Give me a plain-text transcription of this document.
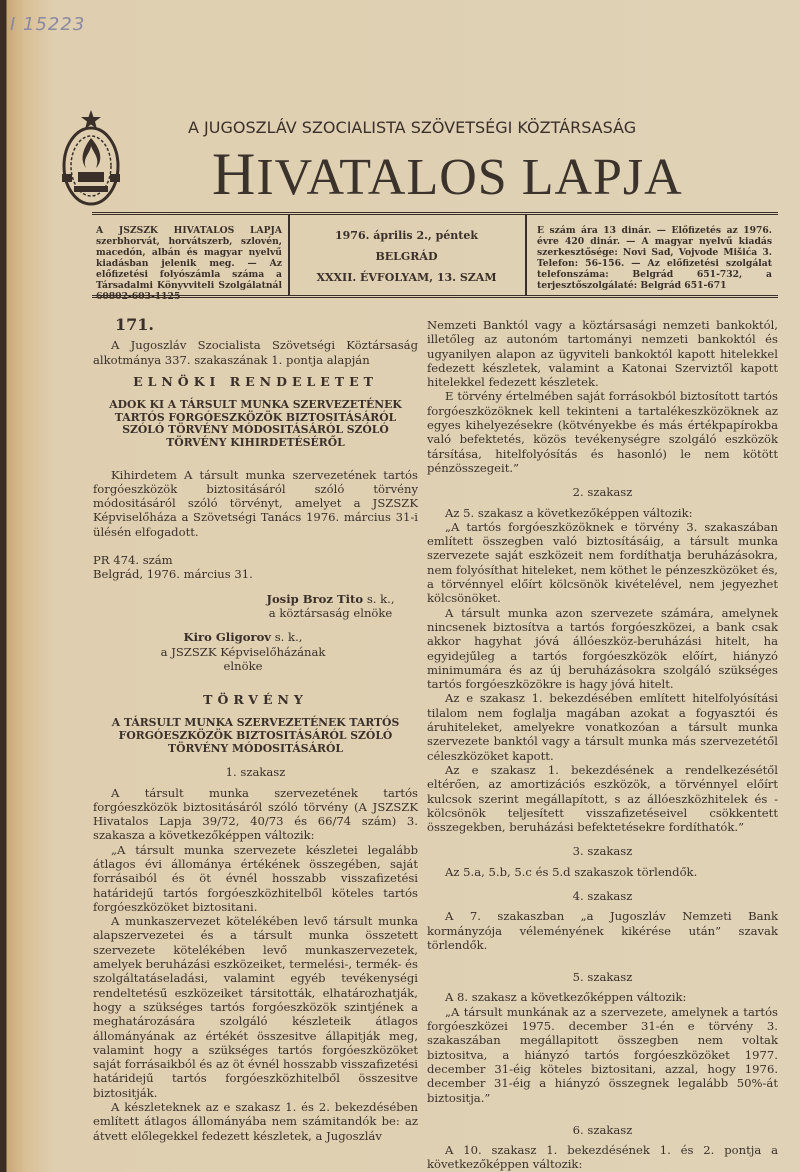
I 15223
A JUGOSZLÁV SZOCIALISTA SZÖVETSÉGI KÖZTÁRSASÁG
HIVATALOS LAPJA
A JSZSZK HIVATALOS LAPJA szerbhorvát, horvátszerb, szlovén, macedón, albán és magyar nyelvű kiadásban jelenik meg. — Az előfizetési folyószámla száma a Társadalmi Könyvviteli Szolgálatnál 60802-603-1125
1976. április 2., péntek
BELGRÁD
XXXII. ÉVFOLYAM, 13. SZAM
E szám ára 13 dinár. — Előfizetés az 1976. évre 420 dinár. — A magyar nyelvű kiadás szerkesztősége: Novi Sad, Vojvode Mišića 3. Telefon: 56-156. — Az előfizetési szolgálat telefonszáma: Belgrád 651-732, a terjesztőszolgálaté: Belgrád 651-671
171.

A Jugoszláv Szocialista Szövetségi Köztársaság alkotmánya 337. szakaszának 1. pontja alapján

ELNÖKI RENDELETET
ADOK KI A TÁRSULT MUNKA SZERVEZETÉNEK TARTÓS FORGÓESZKÖZÖK BIZTOSITÁSÁRÓL SZÓLÓ TÖRVÉNY MÓDOSITÁSÁRÓL SZÓLÓ TÖRVÉNY KIHIRDETÉSÉRŐL

Kihirdetem A társult munka szervezetének tartós forgóeszközök biztositásáról szóló törvény módositásáról szóló törvényt, amelyet a JSZSZK Képviselőháza a Szövetségi Tanács 1976. március 31-i ülésén elfogadott.

PR 474. szám

Belgrád, 1976. március 31.

Josip Broz Tito s. k.,
a köztársaság elnöke
Kiro Gligorov s. k.,
a JSZSZK Képviselőházának
elnöke
TÖRVÉNY
A TÁRSULT MUNKA SZERVEZETÉNEK TARTÓS FORGÓESZKÖZÖK BIZTOSITÁSÁRÓL SZÓLÓ TÖRVÉNY MÓDOSITÁSÁRÓL
1. szakasz

A társult munka szervezetének tartós forgóeszközök biztositásáról szóló törvény (A JSZSZK Hivatalos Lapja 39/72, 40/73 és 66/74 szám) 3. szakasza a következőképpen változik:

„A társult munka szervezete készletei legalább átlagos évi állománya értékének összegében, saját forrásaiból és öt évnél hosszabb visszafizetési határidejű tartós forgóeszközhitelből köteles tartós forgóeszközöket biztositani.

A munkaszervezet kötelékében levő társult munka alapszervezetei és a társult munka összetett szervezete kötelékében levő munkaszervezetek, amelyek beruházási eszközeiket, termelési-, termék- és szolgáltatáseladási, valamint egyéb tevékenységi rendeltetésű eszközeiket társitották, elhatározhatják, hogy a szükséges tartós forgóeszközök szintjének a meghatározására szolgáló készleteik átlagos állományának az értékét összesitve állapitják meg, valamint hogy a szükséges tartós forgóeszközöket saját forrásaikból és az öt évnél hosszabb visszafizetési határidejű tartós forgóeszközhitelből összesitve biztositják.

A készleteknek az e szakasz 1. és 2. bekezdésében említett átlagos állományába nem számitandók be: az átvett előlegekkel fedezett készletek, a Jugoszláv

Nemzeti Banktól vagy a köztársasági nemzeti bankoktól, illetőleg az autonóm tartományi nemzeti bankoktól és ugyanilyen alapon az ügyviteli bankoktól kapott hitelekkel fedezett készletek, valamint a Katonai Szerviztől kapott hitelekkel fedezett készletek.

E törvény értelmében saját forrásokból biztosított tartós forgóeszközöknek kell tekinteni a tartalékeszközöknek az egyes kihelyezésekre (kötvényekbe és más értékpapírokba való befektetés, közös tevékenységre szolgáló eszközök társítása, hitelfolyósítás és hasonló) le nem kötött pénzösszegeit.”

2. szakasz

Az 5. szakasz a következőképpen változik:

„A tartós forgóeszközöknek e törvény 3. szakaszában említett összegben való biztosításáig, a társult munka szervezete saját eszközeit nem fordíthatja beruházásokra, nem folyósíthat hiteleket, nem köthet le pénzeszközöket és, a törvénnyel előírt kölcsönök kivételével, nem jegyezhet kölcsönöket.

A társult munka azon szervezete számára, amelynek nincsenek biztosítva a tartós forgóeszközei, a bank csak akkor hagyhat jóvá állóeszköz-beruházási hitelt, ha egyidejűleg a tartós forgóeszközök előírt, hiányzó minimumára és az új beruházásokra szolgáló szükséges tartós forgóeszközökre is hagy jóvá hitelt.

Az e szakasz 1. bekezdésében említett hitelfolyósítási tilalom nem foglalja magában azokat a fogyasztói és áruhiteleket, amelyekre vonatkozóan a társult munka szervezete banktól vagy a társult munka más szervezetétől céleszközöket kapott.

Az e szakasz 1. bekezdésének a rendelkezésétől eltérően, az amortizációs eszközök, a törvénnyel előírt kulcsok szerint megállapított, s az állóeszközhitelek és -kölcsönök teljesített visszafizetéseivel csökkentett összegekben, beruházási befektetésekre fordíthatók.”

3. szakasz

Az 5.a, 5.b, 5.c és 5.d szakaszok törlendők.

4. szakasz

A 7. szakaszban „a Jugoszláv Nemzeti Bank kormányzója véleményének kikérése után” szavak törlendők.

5. szakasz

A 8. szakasz a következőképpen változik:

„A társult munkának az a szervezete, amelynek a tartós forgóeszközei 1975. december 31-én e törvény 3. szakaszában megállapitott összegben nem voltak biztositva, a hiányzó tartós forgóeszközöket 1977. december 31-éig köteles biztositani, azzal, hogy 1976. december 31-éig a hiányzó összegnek legalább 50%-át biztositja.”

6. szakasz

A 10. szakasz 1. bekezdésének 1. és 2. pontja a következőképpen változik:
